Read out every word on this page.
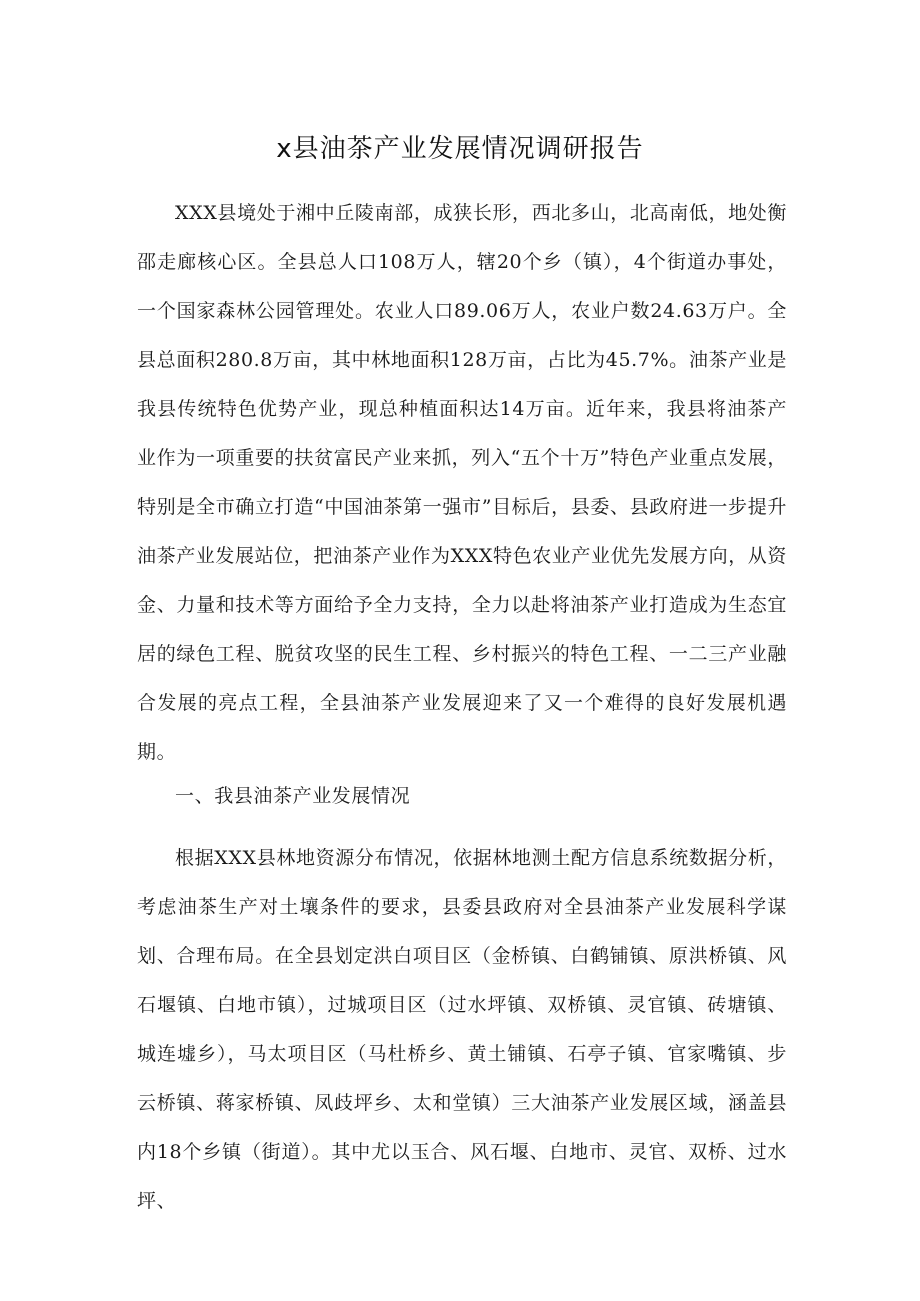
x县油茶产业发展情况调研报告

XXX县境处于湘中丘陵南部，成狭长形，西北多山，北高南低，地处衡邵走廊核心区。全县总人口108万人，辖20个乡（镇），4个街道办事处，一个国家森林公园管理处。农业人口89.06万人，农业户数24.63万户。全县总面积280.8万亩，其中林地面积128万亩，占比为45.7%。油茶产业是我县传统特色优势产业，现总种植面积达14万亩。近年来，我县将油茶产业作为一项重要的扶贫富民产业来抓，列入“五个十万”特色产业重点发展，特别是全市确立打造“中国油茶第一强市”目标后，县委、县政府进一步提升油茶产业发展站位，把油茶产业作为XXX特色农业产业优先发展方向，从资金、力量和技术等方面给予全力支持，全力以赴将油茶产业打造成为生态宜居的绿色工程、脱贫攻坚的民生工程、乡村振兴的特色工程、一二三产业融合发展的亮点工程，全县油茶产业发展迎来了又一个难得的良好发展机遇期。

一、我县油茶产业发展情况

根据XXX县林地资源分布情况，依据林地测土配方信息系统数据分析，考虑油茶生产对土壤条件的要求，县委县政府对全县油茶产业发展科学谋划、合理布局。在全县划定洪白项目区（金桥镇、白鹤铺镇、原洪桥镇、风石堰镇、白地市镇），过城项目区（过水坪镇、双桥镇、灵官镇、砖塘镇、城连墟乡），马太项目区（马杜桥乡、黄土铺镇、石亭子镇、官家嘴镇、步云桥镇、蒋家桥镇、凤歧坪乡、太和堂镇）三大油茶产业发展区域，涵盖县内18个乡镇（街道）。其中尤以玉合、风石堰、白地市、灵官、双桥、过水坪、
